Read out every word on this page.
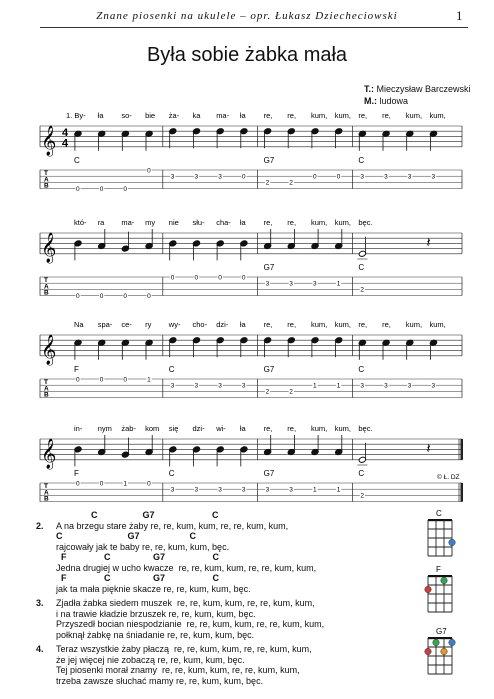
Znane piosenki na ukulele – opr. Łukasz Dziecheciowski	1
Była sobie żabka mała
T.: Mieczysław Barczewski
M.: ludowa
1. By- ła so- bie ża- ka ma- ła re, re, kum, kum, re, re, kum, kum,
𝄞 4
4
C	G7	C
T
A
B	0	0	0
0
3	3	3	0
2	2
0	0	3	3	3	3
któ- ra ma- my nie słu- cha- ła re, re, kum, kum, bęc.
𝄞	𝄽
G7	C
T
A
B	0	0	0	0
0	0	0	0
3	3	3	1
2
Na spa- ce- ry wy- cho- dzi- ła re, re, kum, kum, re, re, kum, kum,
𝄞
F	C	G7	C
T
A
B
0	0	0	1
3	3	3	3
2	2
1	1	3	3	3	3
in- nym żab- kom się dzi- wi- ła re, re, kum, kum, bęc.
𝄞	𝄽
F	C	G7	C
T
A
B
0	0	1	0
3	3	3	3	3	3	1	1
2
© Ł. DZ
C
F
G7
C                  G7                       C
2.	A na brzegu stare żaby re, re, kum, kum, re, re, kum, kum,
C                          G7                    C
rajcowały jak te baby re, re, kum, kum, bęc.
F               C                 G7                   C
Jedna drugiej w ucho kwacze  re, re, kum, kum, re, re, kum, kum,
F               C                 G7                   C
jak ta mała pięknie skacze re, re, kum, kum, bęc.
3.	Zjadła żabka siedem muszek  re, re, kum, kum, re, re, kum, kum,
i na trawie kładzie brzuszek re, re, kum, kum, bęc.
Przyszedł bocian niespodzianie  re, re, kum, kum, re, re, kum, kum,
połknął żabkę na śniadanie re, re, kum, kum, bęc.
4.	Teraz wszystkie żaby płaczą  re, re, kum, kum, re, re, kum, kum,
że jej więcej nie zobaczą re, re, kum, kum, bęc.
Tej piosenki morał znamy  re, re, kum, kum, re, re, kum, kum,
trzeba zawsze słuchać mamy re, re, kum, kum, bęc.
